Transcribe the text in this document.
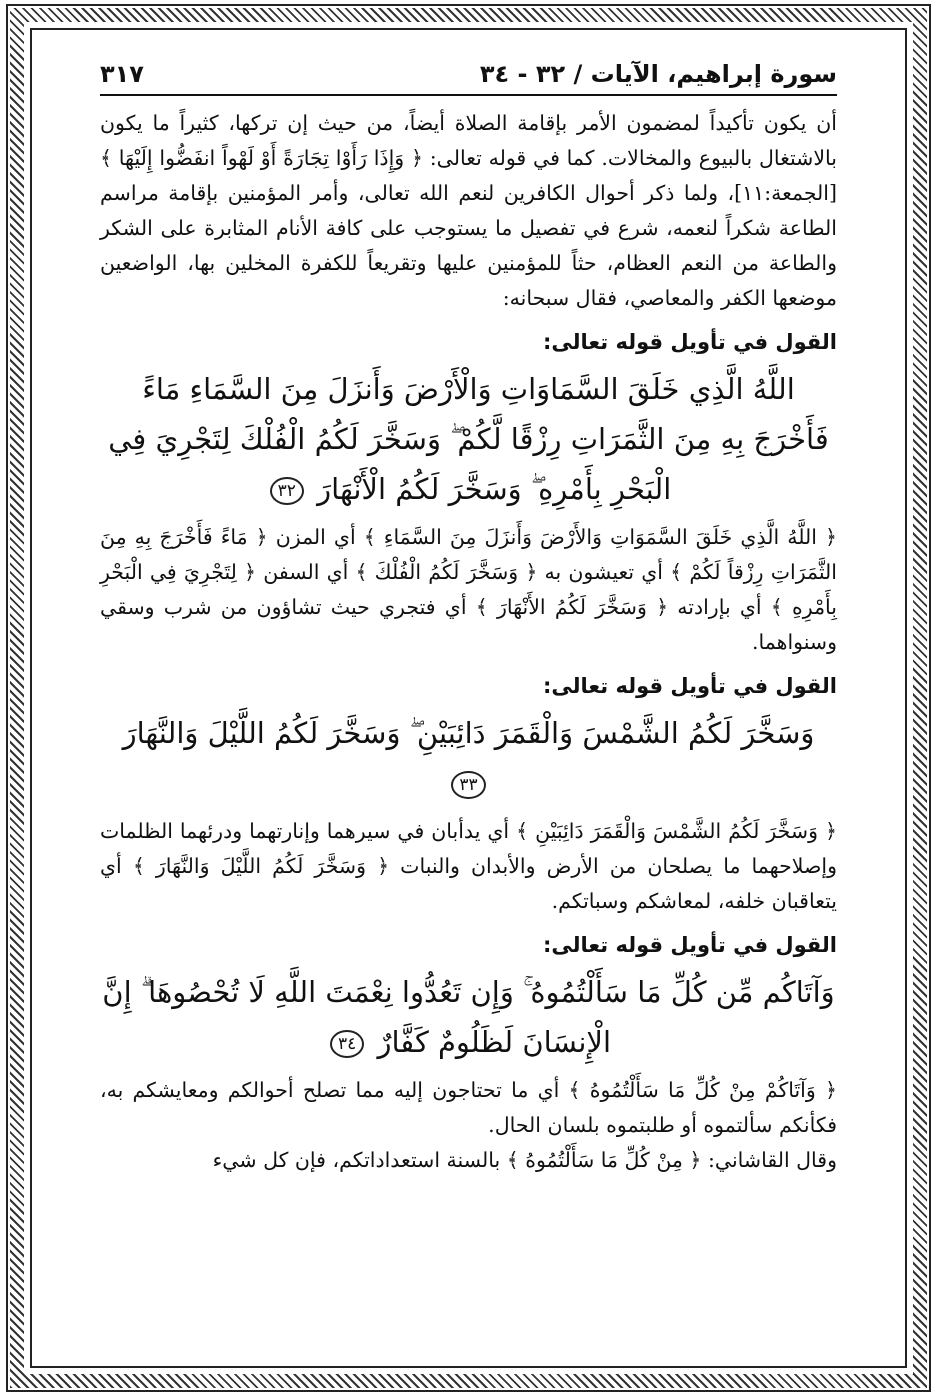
سورة إبراهيم، الآيات / ٣٢ - ٣٤
٣١٧

أن يكون تأكيداً لمضمون الأمر بإقامة الصلاة أيضاً، من حيث إن تركها، كثيراً ما يكون بالاشتغال بالبيوع والمخالات. كما في قوله تعالى: ﴿ وَإِذَا رَأَوْا تِجَارَةً أَوْ لَهْواً انفَضُّوا إِلَيْهَا ﴾ [الجمعة:١١]، ولما ذكر أحوال الكافرين لنعم الله تعالى، وأمر المؤمنين بإقامة مراسم الطاعة شكراً لنعمه، شرع في تفصيل ما يستوجب على كافة الأنام المثابرة على الشكر والطاعة من النعم العظام، حثاً للمؤمنين عليها وتقريعاً للكفرة المخلين بها، الواضعين موضعها الكفر والمعاصي، فقال سبحانه:

القول في تأويل قوله تعالى:
اللَّهُ الَّذِي خَلَقَ السَّمَاوَاتِ وَالْأَرْضَ وَأَنزَلَ مِنَ السَّمَاءِ مَاءً فَأَخْرَجَ بِهِ مِنَ الثَّمَرَاتِ رِزْقًا لَّكُمْ ۖ وَسَخَّرَ لَكُمُ الْفُلْكَ لِتَجْرِيَ فِي الْبَحْرِ بِأَمْرِهِ ۖ وَسَخَّرَ لَكُمُ الْأَنْهَارَ ٣٢

﴿ اللَّهُ الَّذِي خَلَقَ السَّمَوَاتِ وَالأَرْضَ وَأَنزَلَ مِنَ السَّمَاءِ ﴾ أي المزن ﴿ مَاءً فَأَخْرَجَ بِهِ مِنَ الثَّمَرَاتِ رِزْقاً لَكُمْ ﴾ أي تعيشون به ﴿ وَسَخَّرَ لَكُمُ الْفُلْكَ ﴾ أي السفن ﴿ لِتَجْرِيَ فِي الْبَحْرِ بِأَمْرِهِ ﴾ أي بإرادته ﴿ وَسَخَّرَ لَكُمُ الأَنْهَارَ ﴾ أي فتجري حيث تشاؤون من شرب وسقي وسنواهما.

القول في تأويل قوله تعالى:
وَسَخَّرَ لَكُمُ الشَّمْسَ وَالْقَمَرَ دَائِبَيْنِ ۖ وَسَخَّرَ لَكُمُ اللَّيْلَ وَالنَّهَارَ ٣٣

﴿ وَسَخَّرَ لَكُمُ الشَّمْسَ وَالْقَمَرَ دَائِبَيْنِ ﴾ أي يدأبان في سيرهما وإنارتهما ودرئهما الظلمات وإصلاحهما ما يصلحان من الأرض والأبدان والنبات ﴿ وَسَخَّرَ لَكُمُ اللَّيْلَ وَالنَّهَارَ ﴾ أي يتعاقبان خلفه، لمعاشكم وسباتكم.

القول في تأويل قوله تعالى:
وَآتَاكُم مِّن كُلِّ مَا سَأَلْتُمُوهُ ۚ وَإِن تَعُدُّوا نِعْمَتَ اللَّهِ لَا تُحْصُوهَا ۗ إِنَّ الْإِنسَانَ لَظَلُومٌ كَفَّارٌ ٣٤

﴿ وَآتَاكُمْ مِنْ كُلِّ مَا سَأَلْتُمُوهُ ﴾ أي ما تحتاجون إليه مما تصلح أحوالكم ومعايشكم به، فكأنكم سألتموه أو طلبتموه بلسان الحال.

وقال القاشاني: ﴿ مِنْ كُلِّ مَا سَأَلْتُمُوهُ ﴾ بالسنة استعداداتكم، فإن كل شيء
